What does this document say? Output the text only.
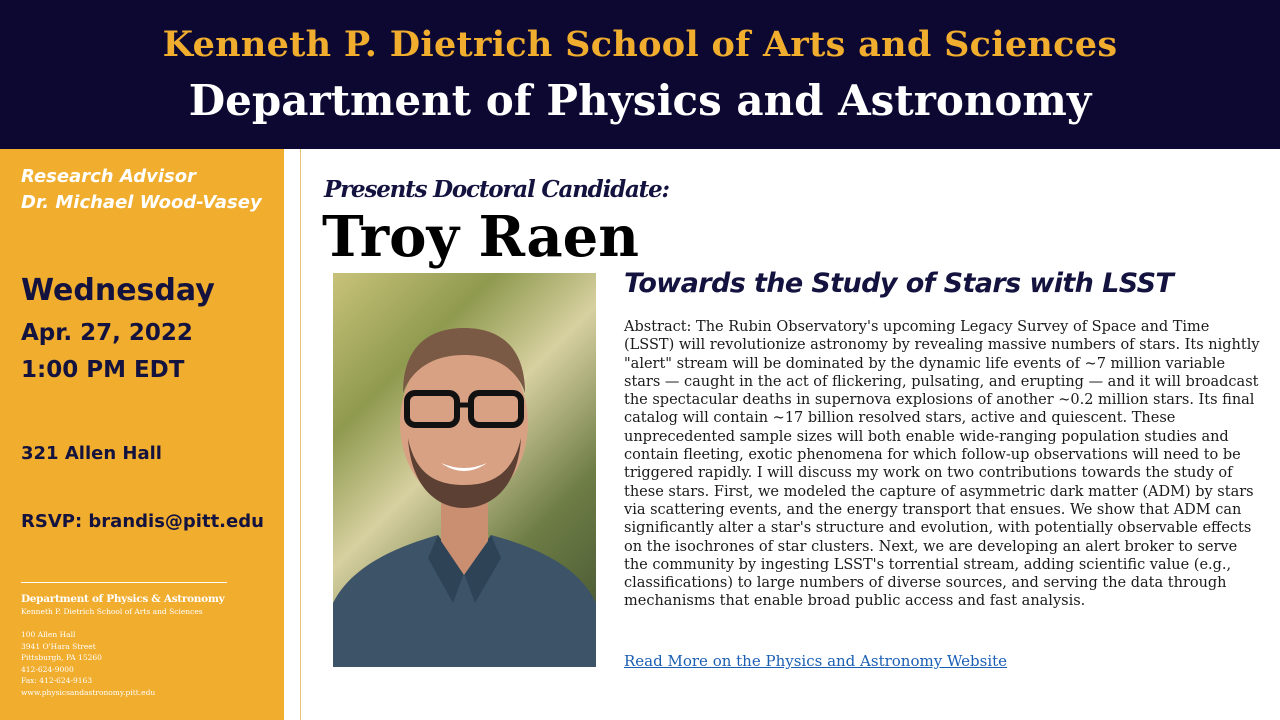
Kenneth P. Dietrich School of Arts and Sciences
Department of Physics and Astronomy
Research Advisor
Dr. Michael Wood-Vasey
Wednesday
Apr. 27, 2022
1:00 PM EDT
321 Allen Hall
RSVP: brandis@pitt.edu
Department of Physics & Astronomy
Kenneth P. Dietrich School of Arts and Sciences
100 Allen Hall
3941 O'Hara Street
Pittsburgh, PA 15260
412-624-9000
Fax: 412-624-9163
www.physicsandastronomy.pitt.edu
Presents Doctoral Candidate:
Troy Raen
Towards the Study of Stars with LSST
Abstract: The Rubin Observatory's upcoming Legacy Survey of Space and Time (LSST) will revolutionize astronomy by revealing massive numbers of stars. Its nightly "alert" stream will be dominated by the dynamic life events of ~7 million variable stars — caught in the act of flickering, pulsating, and erupting — and it will broadcast the spectacular deaths in supernova explosions of another ~0.2 million stars. Its final catalog will contain ~17 billion resolved stars, active and quiescent. These unprecedented sample sizes will both enable wide-ranging population studies and contain fleeting, exotic phenomena for which follow-up observations will need to be triggered rapidly. I will discuss my work on two contributions towards the study of these stars. First, we modeled the capture of asymmetric dark matter (ADM) by stars via scattering events, and the energy transport that ensues. We show that ADM can significantly alter a star's structure and evolution, with potentially observable effects on the isochrones of star clusters. Next, we are developing an alert broker to serve the community by ingesting LSST's torrential stream, adding scientific value (e.g., classifications) to large numbers of diverse sources, and serving the data through mechanisms that enable broad public access and fast analysis.
Read More on the Physics and Astronomy Website
